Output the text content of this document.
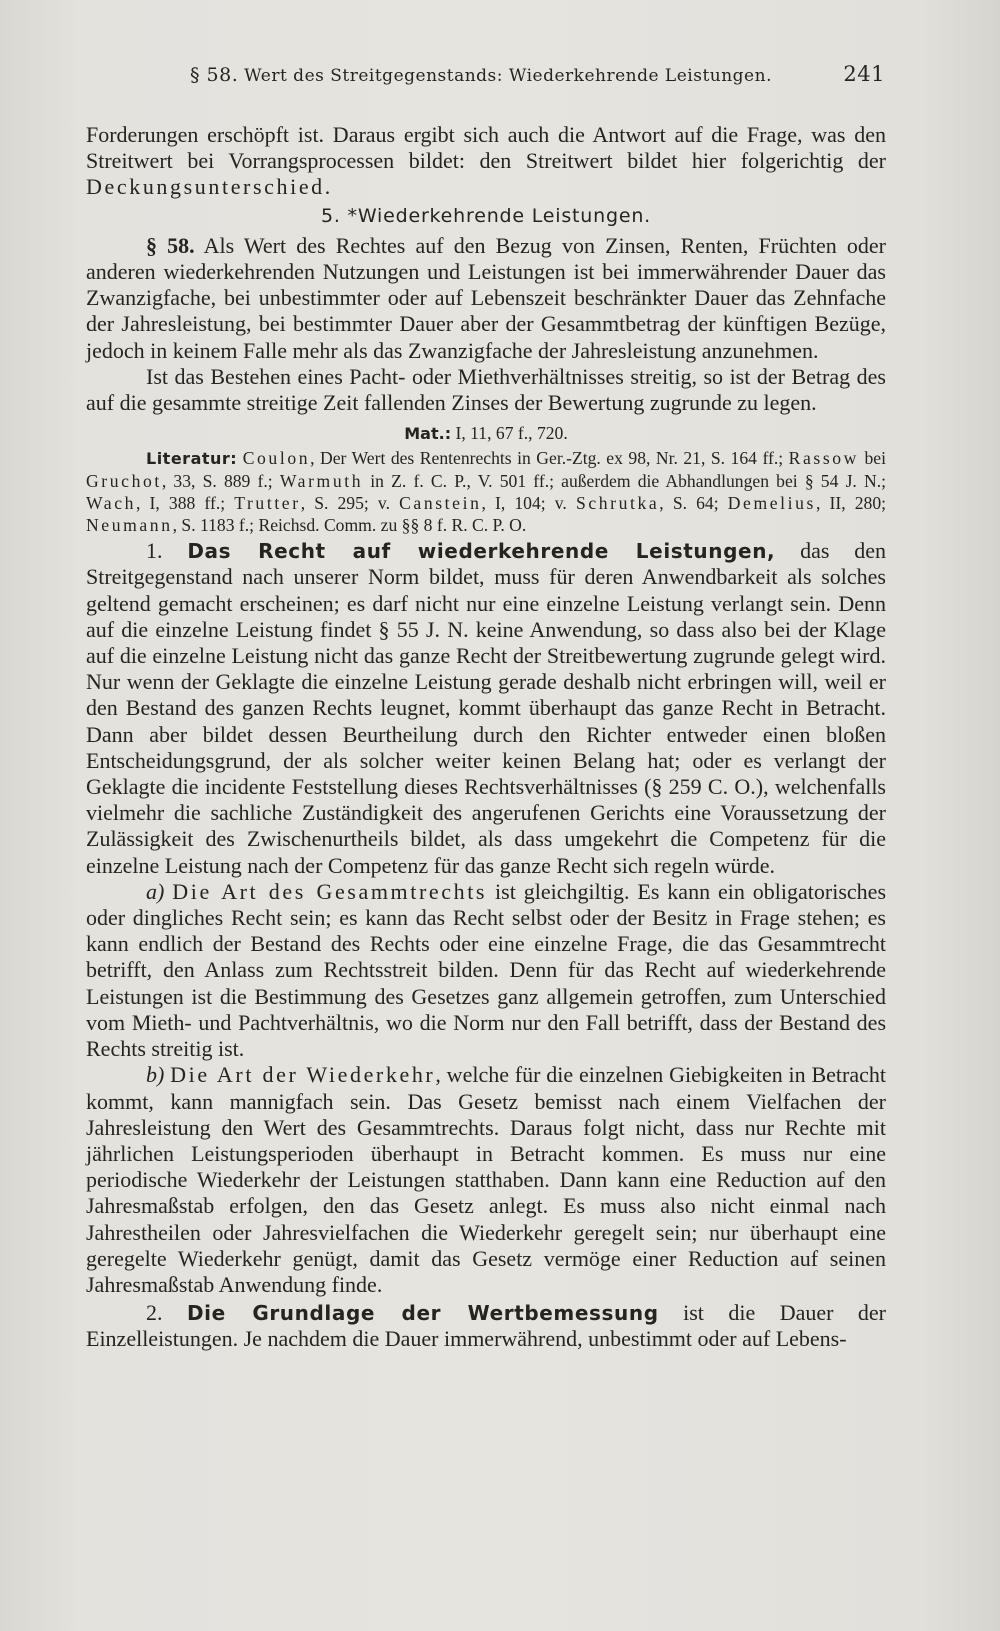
§ 58. Wert des Streitgegenstands: Wiederkehrende Leistungen.	241

Forderungen erschöpft ist. Daraus ergibt sich auch die Antwort auf die Frage, was den Streitwert bei Vorrangsprocessen bildet: den Streitwert bildet hier folgerichtig der Deckungsunterschied.

5. *Wiederkehrende Leistungen.

§ 58. Als Wert des Rechtes auf den Bezug von Zinsen, Renten, Früchten oder anderen wiederkehrenden Nutzungen und Leistungen ist bei immerwährender Dauer das Zwanzigfache, bei unbestimmter oder auf Lebenszeit beschränkter Dauer das Zehnfache der Jahresleistung, bei bestimmter Dauer aber der Gesammtbetrag der künftigen Bezüge, jedoch in keinem Falle mehr als das Zwanzigfache der Jahresleistung anzunehmen.

Ist das Bestehen eines Pacht- oder Miethverhältnisses streitig, so ist der Betrag des auf die gesammte streitige Zeit fallenden Zinses der Bewertung zugrunde zu legen.

Mat.: I, 11, 67 f., 720.

Literatur: Coulon, Der Wert des Rentenrechts in Ger.-Ztg. ex 98, Nr. 21, S. 164 ff.; Rassow bei Gruchot, 33, S. 889 f.; Warmuth in Z. f. C. P., V. 501 ff.; außerdem die Abhandlungen bei § 54 J. N.; Wach, I, 388 ff.; Trutter, S. 295; v. Canstein, I, 104; v. Schrutka, S. 64; Demelius, II, 280; Neumann, S. 1183 f.; Reichsd. Comm. zu §§ 8 f. R. C. P. O.

1. Das Recht auf wiederkehrende Leistungen, das den Streitgegenstand nach unserer Norm bildet, muss für deren Anwendbarkeit als solches geltend gemacht erscheinen; es darf nicht nur eine einzelne Leistung verlangt sein. Denn auf die einzelne Leistung findet § 55 J. N. keine Anwendung, so dass also bei der Klage auf die einzelne Leistung nicht das ganze Recht der Streitbewertung zugrunde gelegt wird. Nur wenn der Geklagte die einzelne Leistung gerade deshalb nicht erbringen will, weil er den Bestand des ganzen Rechts leugnet, kommt überhaupt das ganze Recht in Betracht. Dann aber bildet dessen Beurtheilung durch den Richter entweder einen bloßen Entscheidungsgrund, der als solcher weiter keinen Belang hat; oder es verlangt der Geklagte die incidente Feststellung dieses Rechtsverhältnisses (§ 259 C. O.), welchenfalls vielmehr die sachliche Zuständigkeit des angerufenen Gerichts eine Voraussetzung der Zulässigkeit des Zwischenurtheils bildet, als dass umgekehrt die Competenz für die einzelne Leistung nach der Competenz für das ganze Recht sich regeln würde.

a) Die Art des Gesammtrechts ist gleichgiltig. Es kann ein obligatorisches oder dingliches Recht sein; es kann das Recht selbst oder der Besitz in Frage stehen; es kann endlich der Bestand des Rechts oder eine einzelne Frage, die das Gesammtrecht betrifft, den Anlass zum Rechtsstreit bilden. Denn für das Recht auf wiederkehrende Leistungen ist die Bestimmung des Gesetzes ganz allgemein getroffen, zum Unterschied vom Mieth- und Pachtverhältnis, wo die Norm nur den Fall betrifft, dass der Bestand des Rechts streitig ist.

b) Die Art der Wiederkehr, welche für die einzelnen Giebigkeiten in Betracht kommt, kann mannigfach sein. Das Gesetz bemisst nach einem Vielfachen der Jahresleistung den Wert des Gesammtrechts. Daraus folgt nicht, dass nur Rechte mit jährlichen Leistungsperioden überhaupt in Betracht kommen. Es muss nur eine periodische Wiederkehr der Leistungen statthaben. Dann kann eine Reduction auf den Jahresmaßstab erfolgen, den das Gesetz anlegt. Es muss also nicht einmal nach Jahrestheilen oder Jahresvielfachen die Wiederkehr geregelt sein; nur überhaupt eine geregelte Wiederkehr genügt, damit das Gesetz vermöge einer Reduction auf seinen Jahresmaßstab Anwendung finde.

2. Die Grundlage der Wertbemessung ist die Dauer der Einzelleistungen. Je nachdem die Dauer immerwährend, unbestimmt oder auf Lebens-
